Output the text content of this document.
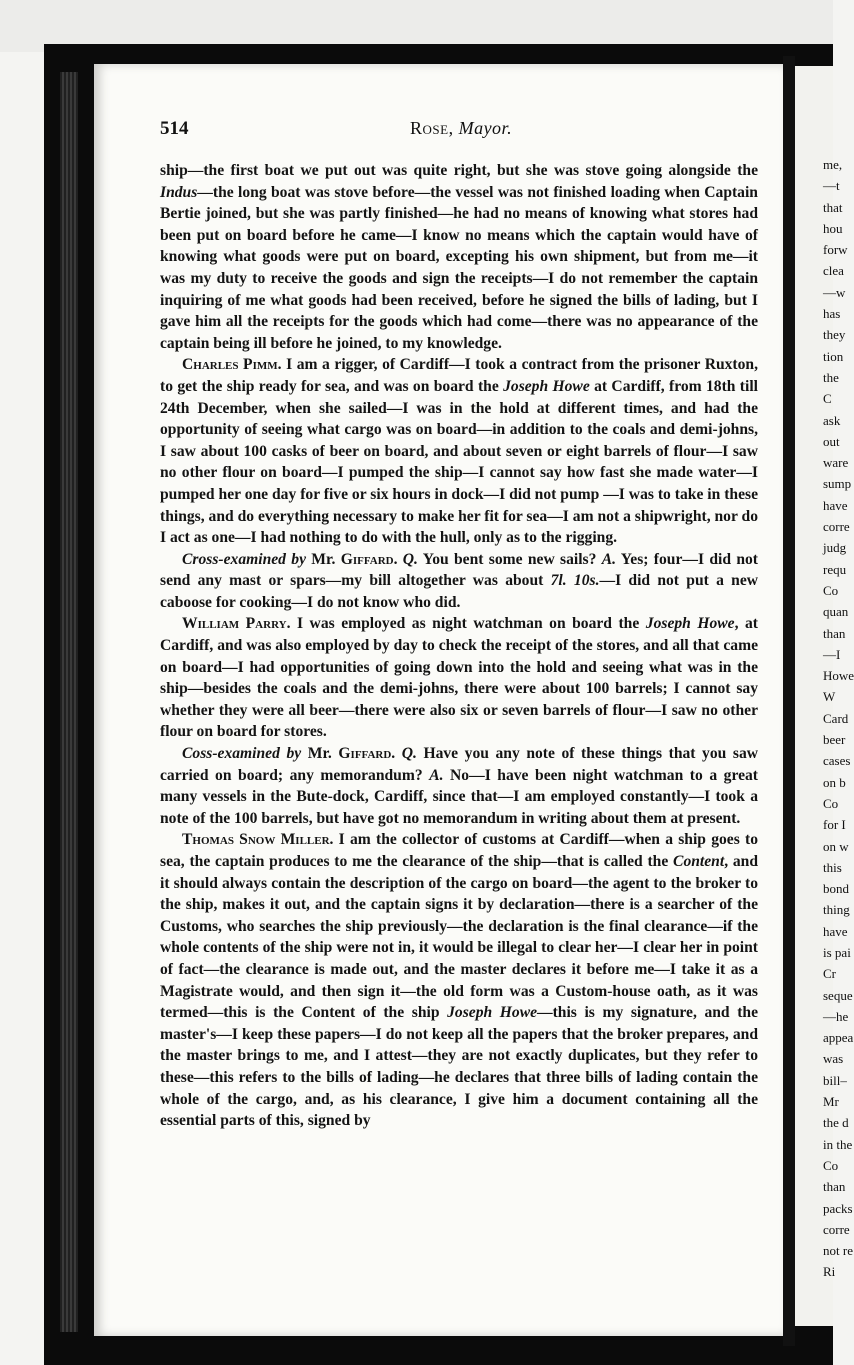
514	Rose, Mayor.

ship—the first boat we put out was quite right, but she was stove going alongside the Indus—the long boat was stove before—the vessel was not finished loading when Captain Bertie joined, but she was partly finished—he had no means of knowing what stores had been put on board before he came—I know no means which the captain would have of knowing what goods were put on board, excepting his own shipment, but from me—it was my duty to receive the goods and sign the receipts—I do not remember the captain inquiring of me what goods had been received, before he signed the bills of lading, but I gave him all the receipts for the goods which had come—there was no appearance of the captain being ill before he joined, to my knowledge.

Charles Pimm. I am a rigger, of Cardiff—I took a contract from the prisoner Ruxton, to get the ship ready for sea, and was on board the Joseph Howe at Cardiff, from 18th till 24th December, when she sailed—I was in the hold at different times, and had the opportunity of seeing what cargo was on board—in addition to the coals and demi-johns, I saw about 100 casks of beer on board, and about seven or eight barrels of flour—I saw no other flour on board—I pumped the ship—I cannot say how fast she made water—I pumped her one day for five or six hours in dock—I did not pump —I was to take in these things, and do everything necessary to make her fit for sea—I am not a shipwright, nor do I act as one—I had nothing to do with the hull, only as to the rigging.

Cross-examined by Mr. Giffard. Q. You bent some new sails? A. Yes; four—I did not send any mast or spars—my bill altogether was about 7l. 10s.—I did not put a new caboose for cooking—I do not know who did.

William Parry. I was employed as night watchman on board the Joseph Howe, at Cardiff, and was also employed by day to check the receipt of the stores, and all that came on board—I had opportunities of going down into the hold and seeing what was in the ship—besides the coals and the demi-johns, there were about 100 barrels; I cannot say whether they were all beer—there were also six or seven barrels of flour—I saw no other flour on board for stores.

Coss-examined by Mr. Giffard. Q. Have you any note of these things that you saw carried on board; any memorandum? A. No—I have been night watchman to a great many vessels in the Bute-dock, Cardiff, since that—I am employed constantly—I took a note of the 100 barrels, but have got no memorandum in writing about them at present.

Thomas Snow Miller. I am the collector of customs at Cardiff—when a ship goes to sea, the captain produces to me the clearance of the ship—that is called the Content, and it should always contain the description of the cargo on board—the agent to the broker to the ship, makes it out, and the captain signs it by declaration—there is a searcher of the Customs, who searches the ship previously—the declaration is the final clearance—if the whole contents of the ship were not in, it would be illegal to clear her—I clear her in point of fact—the clearance is made out, and the master declares it before me—I take it as a Magistrate would, and then sign it—the old form was a Custom-house oath, as it was termed—this is the Content of the ship Joseph Howe—this is my signature, and the master's—I keep these papers—I do not keep all the papers that the broker prepares, and the master brings to me, and I attest—they are not exactly duplicates, but they refer to these—this refers to the bills of lading—he declares that three bills of lading contain the whole of the cargo, and, as his clearance, I give him a document containing all the essential parts of this, signed by

me,
—t
that
hou
forw
clea
—w
has
they
tion
the
C
ask
out
ware
sump
have
corre
judg
requ
Co
quan
than
—I
Howe
W
Card
beer
cases
on b
Co
for I
on w
this
bond
thing
have
is pai
Cr
seque
—he
appea
was
bill–
Mr
the d
in the
Co
than
packs
corre
not re
Ri
